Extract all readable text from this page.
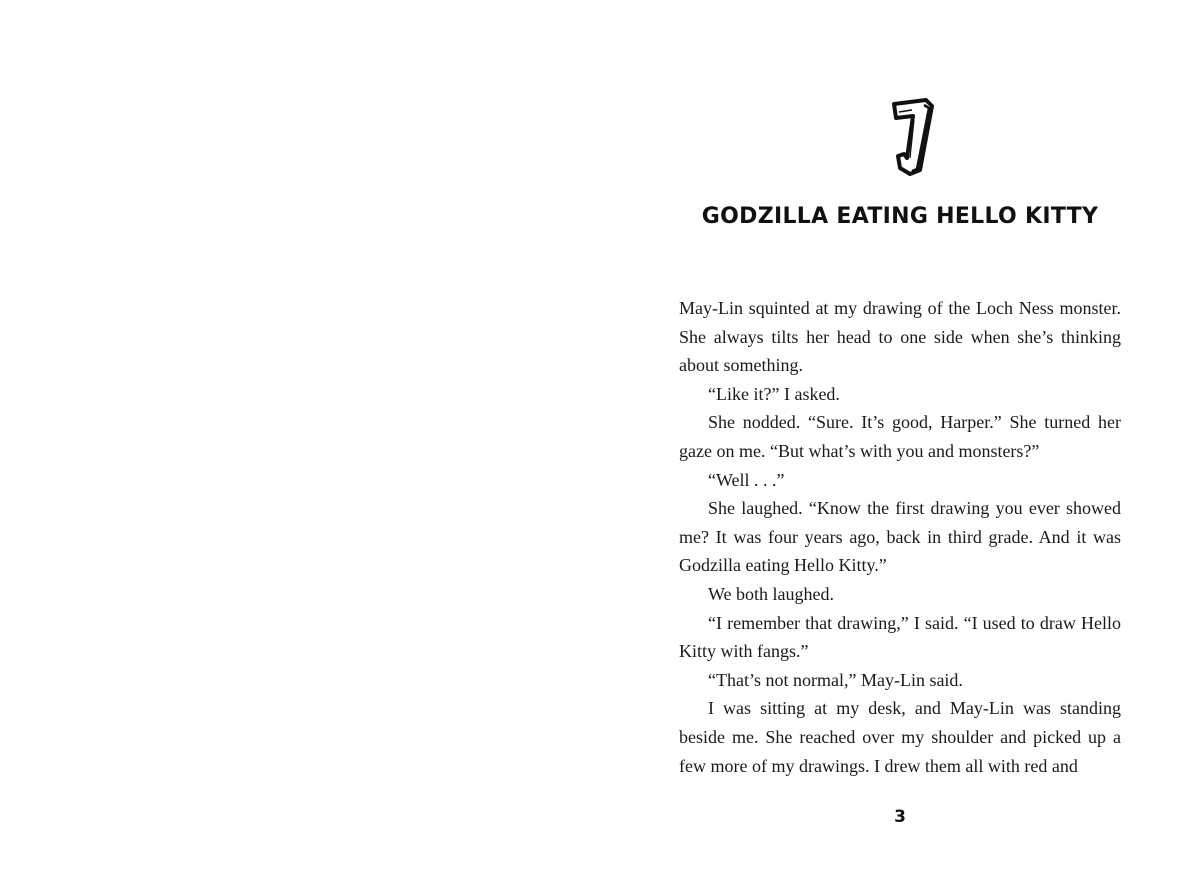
GODZILLA EATING HELLO KITTY

May-Lin squinted at my drawing of the Loch Ness monster. She always tilts her head to one side when she’s thinking about something.

“Like it?” I asked.

She nodded. “Sure. It’s good, Harper.” She turned her gaze on me. “But what’s with you and monsters?”

“Well . . .”

She laughed. “Know the first drawing you ever showed me? It was four years ago, back in third grade. And it was Godzilla eating Hello Kitty.”

We both laughed.

“I remember that drawing,” I said. “I used to draw Hello Kitty with fangs.”

“That’s not normal,” May-Lin said.

I was sitting at my desk, and May-Lin was standing beside me. She reached over my shoulder and picked up a few more of my drawings. I drew them all with red and

3
